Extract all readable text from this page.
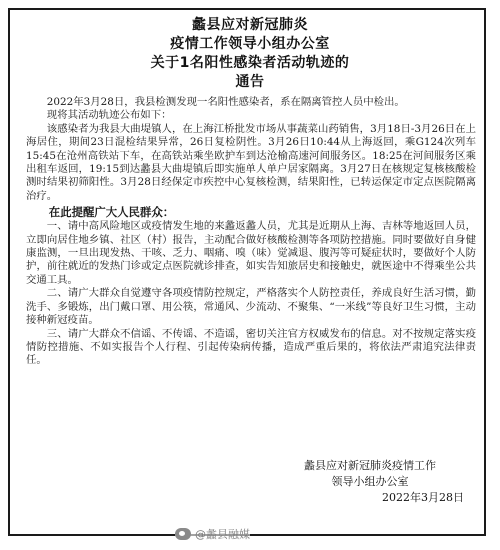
蠡县应对新冠肺炎
疫情工作领导小组办公室
关于1名阳性感染者活动轨迹的
通告

2022年3月28日，我县检测发现一名阳性感染者，系在隔离管控人员中检出。

现将其活动轨迹公布如下：

该感染者为我县大曲堤镇人，在上海江桥批发市场从事蔬菜山药销售，3月18日-3月26日在上海居住，期间23日混检结果异常，26日复检阴性。3月26日10:44从上海返回，乘G124次列车15:45在沧州高铁站下车，在高铁站乘坐欧护车到达沧榆高速河间服务区。18:25在河间服务区乘出租车返回，19:15到达蠡县大曲堤镇后即实施单人单户居家隔离。3月27日在核规定复核核酸检测时结果初筛阳性。3月28日经保定市疾控中心复核检测，结果阳性，已转运保定市定点医院隔离治疗。

在此提醒广大人民群众：

一、请中高风险地区或疫情发生地的来蠡返蠡人员，尤其是近期从上海、吉林等地返回人员，立即向居住地乡镇、社区（村）报告，主动配合做好核酸检测等各项防控措施。同时要做好自身健康监测，一旦出现发热、干咳、乏力、咽痛、嗅（味）觉减退、腹泻等可疑症状时，要做好个人防护，前往就近的发热门诊或定点医院就诊排查，如实告知旅居史和接触史，就医途中不得乘坐公共交通工具。

二、请广大群众自觉遵守各项疫情防控规定，严格落实个人防控责任，养成良好生活习惯，勤洗手、多锻炼，出门戴口罩、用公筷，常通风、少流动、不聚集、“一米线”等良好卫生习惯，主动接种新冠疫苗。

三、请广大群众不信谣、不传谣、不造谣，密切关注官方权威发布的信息。对不按规定落实疫情防控措施、不如实报告个人行程、引起传染病传播，造成严重后果的，将依法严肃追究法律责任。

蠡县应对新冠肺炎疫情工作
领导小组办公室
2022年3月28日
@蠡县融媒
